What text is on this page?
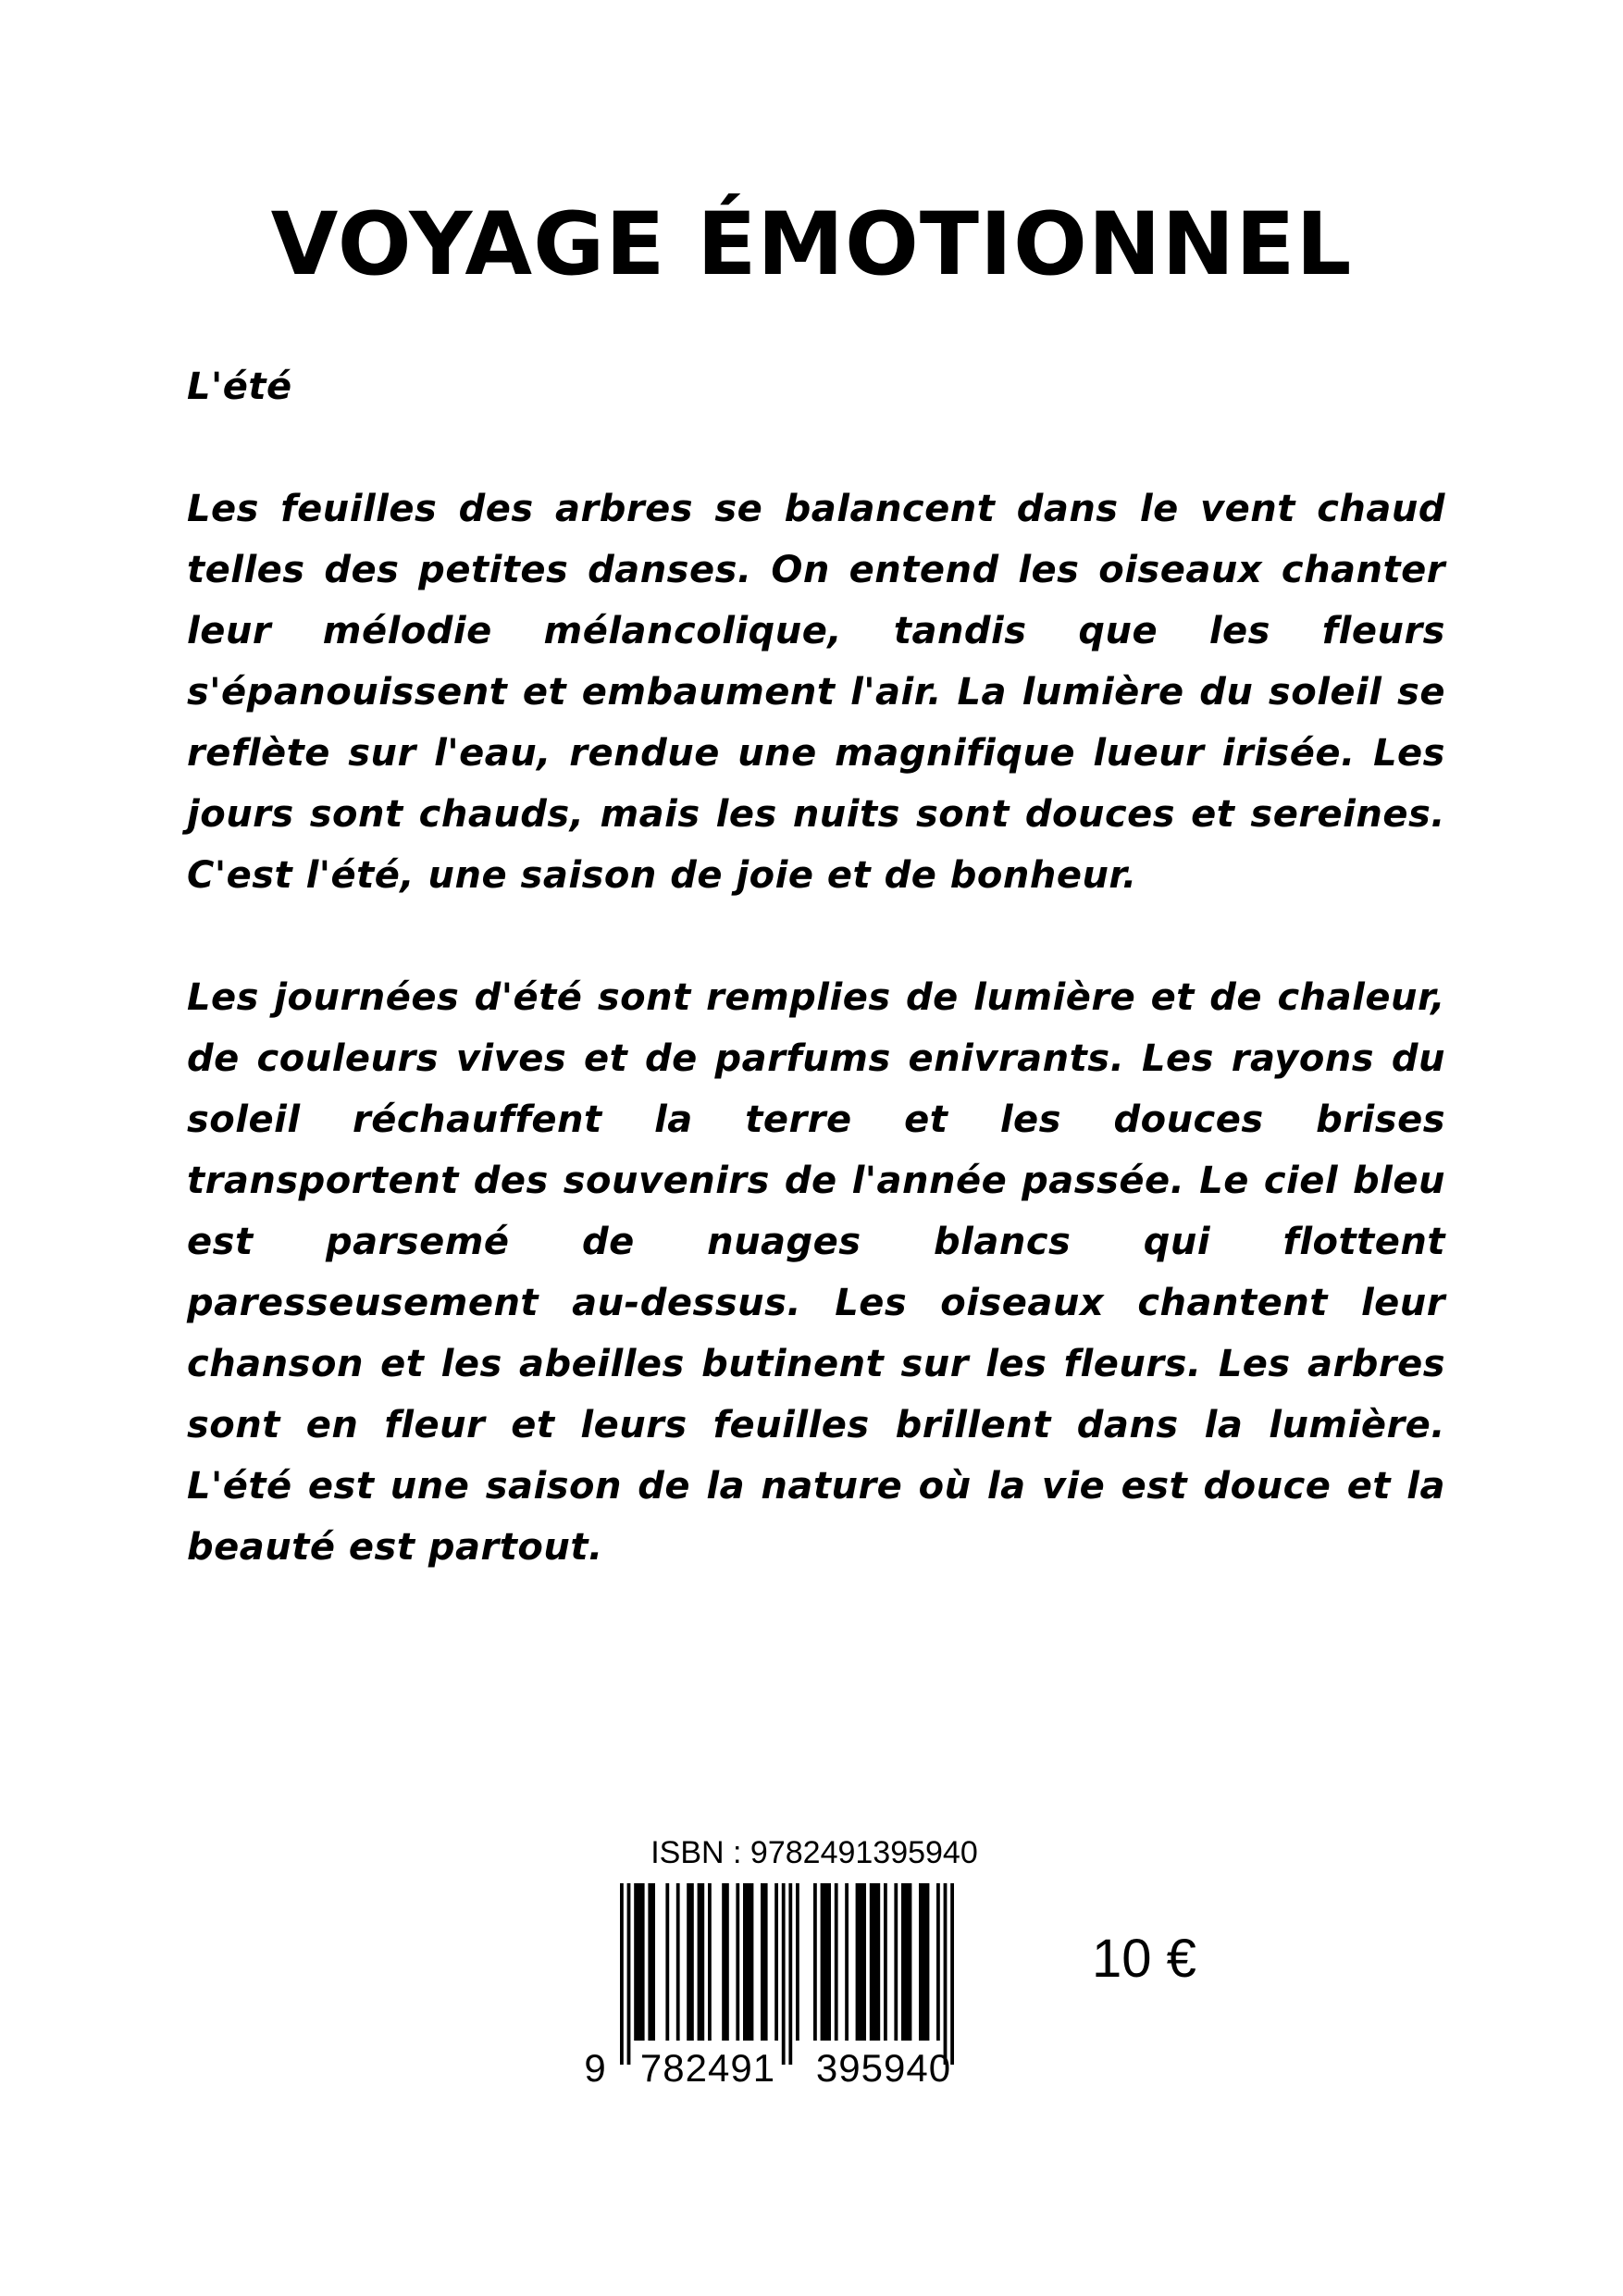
VOYAGE ÉMOTIONNEL

L'été

Les feuilles des arbres se balancent dans le vent chaud telles des petites danses. On entend les oiseaux chanter leur mélodie mélancolique, tandis que les fleurs s'épanouissent et embaument l'air. La lumière du soleil se reflète sur l'eau, rendue une magnifique lueur irisée. Les jours sont chauds, mais les nuits sont douces et sereines. C'est l'été, une saison de joie et de bonheur.

Les journées d'été sont remplies de lumière et de chaleur, de couleurs vives et de parfums enivrants. Les rayons du soleil réchauffent la terre et les douces brises transportent des souvenirs de l'année passée. Le ciel bleu est parsemé de nuages blancs qui flottent paresseusement au-dessus. Les oiseaux chantent leur chanson et les abeilles butinent sur les fleurs. Les arbres sont en fleur et leurs feuilles brillent dans la lumière. L'été est une saison de la nature où la vie est douce et la beauté est partout.

ISBN : 9782491395940
9 782491 395940
10 €
